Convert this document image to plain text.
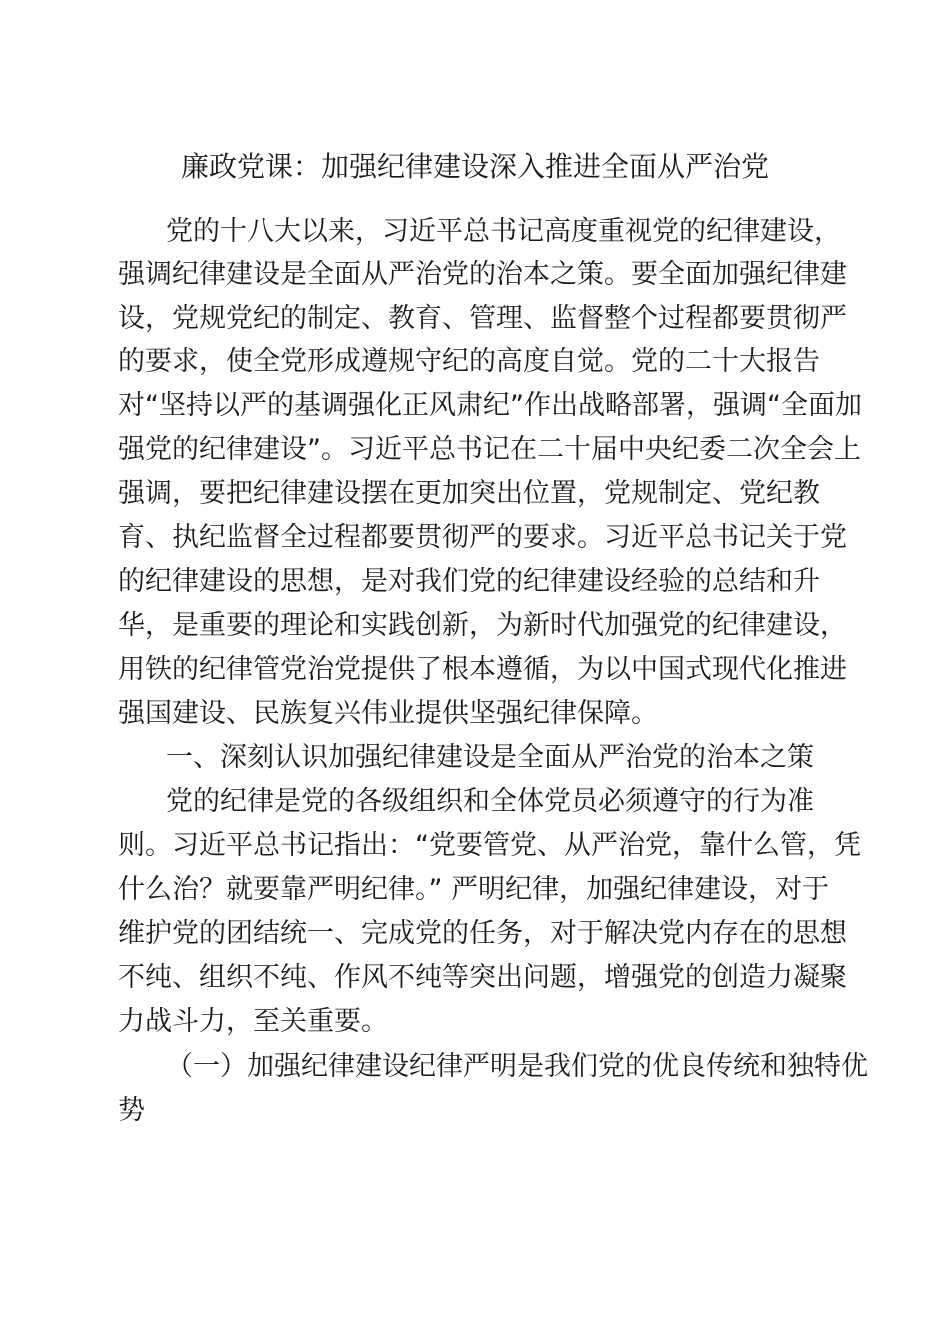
廉政党课：加强纪律建设深入推进全面从严治党
党的十八大以来，习近平总书记高度重视党的纪律建设，
强调纪律建设是全面从严治党的治本之策。要全面加强纪律建
设，党规党纪的制定、教育、管理、监督整个过程都要贯彻严
的要求，使全党形成遵规守纪的高度自觉。党的二十大报告
对“坚持以严的基调强化正风肃纪”作出战略部署，强调“全面加
强党的纪律建设”。习近平总书记在二十届中央纪委二次全会上
强调，要把纪律建设摆在更加突出位置，党规制定、党纪教
育、执纪监督全过程都要贯彻严的要求。习近平总书记关于党
的纪律建设的思想，是对我们党的纪律建设经验的总结和升
华，是重要的理论和实践创新，为新时代加强党的纪律建设，
用铁的纪律管党治党提供了根本遵循，为以中国式现代化推进
强国建设、民族复兴伟业提供坚强纪律保障。
一、深刻认识加强纪律建设是全面从严治党的治本之策
党的纪律是党的各级组织和全体党员必须遵守的行为准
则。习近平总书记指出：“党要管党、从严治党，靠什么管，凭
什么治？就要靠严明纪律。” 严明纪律，加强纪律建设，对于
维护党的团结统一、完成党的任务，对于解决党内存在的思想
不纯、组织不纯、作风不纯等突出问题，增强党的创造力凝聚
力战斗力，至关重要。
（一）加强纪律建设纪律严明是我们党的优良传统和独特优
势
